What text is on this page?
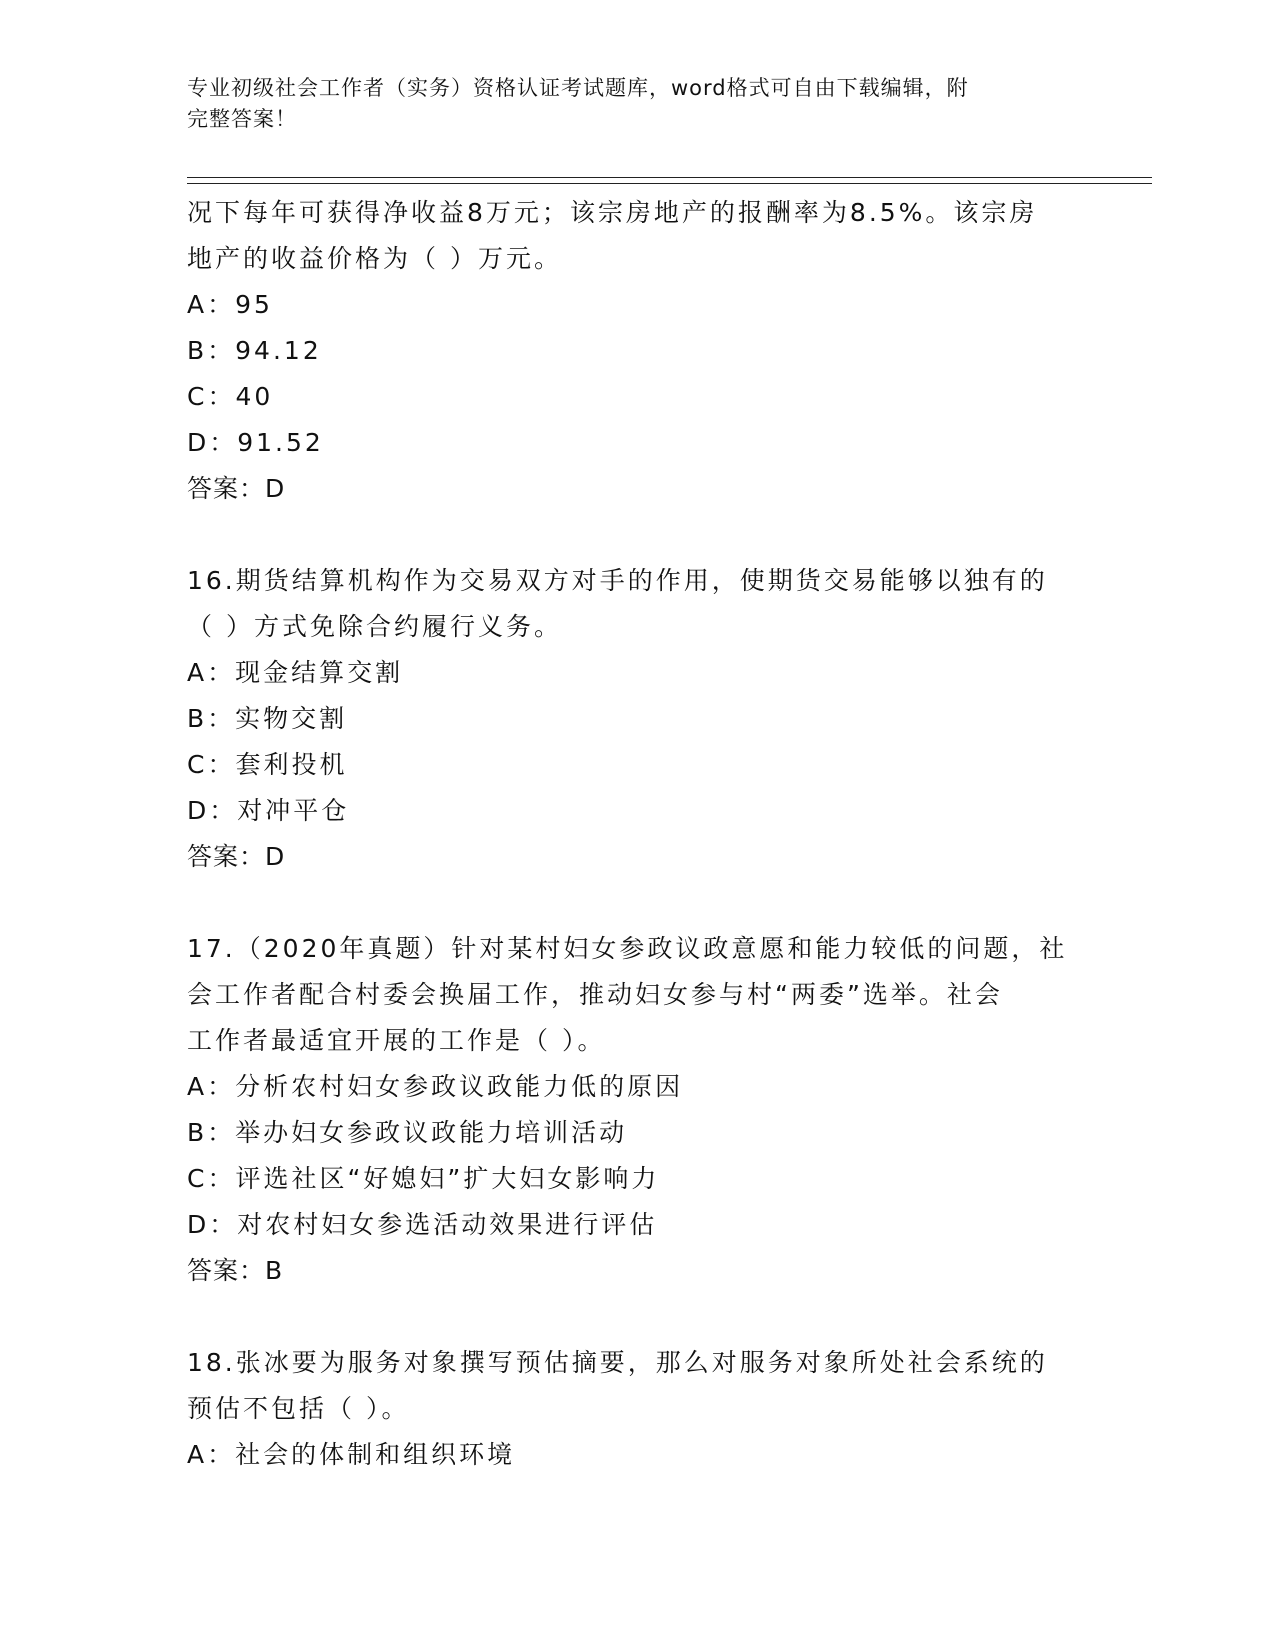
专业初级社会工作者（实务）资格认证考试题库，word格式可自由下载编辑，附
完整答案！
况下每年可获得净收益8万元；该宗房地产的报酬率为8.5%。该宗房
地产的收益价格为（ ）万元。
A：95
B：94.12
C：40
D：91.52
答案：D
16.期货结算机构作为交易双方对手的作用，使期货交易能够以独有的
（ ）方式免除合约履行义务。
A：现金结算交割
B：实物交割
C：套利投机
D：对冲平仓
答案：D
17.（2020年真题）针对某村妇女参政议政意愿和能力较低的问题，社
会工作者配合村委会换届工作，推动妇女参与村“两委”选举。社会
工作者最适宜开展的工作是（ ）。
A：分析农村妇女参政议政能力低的原因
B：举办妇女参政议政能力培训活动
C：评选社区“好媳妇”扩大妇女影响力
D：对农村妇女参选活动效果进行评估
答案：B
18.张冰要为服务对象撰写预估摘要，那么对服务对象所处社会系统的
预估不包括（ ）。
A：社会的体制和组织环境
